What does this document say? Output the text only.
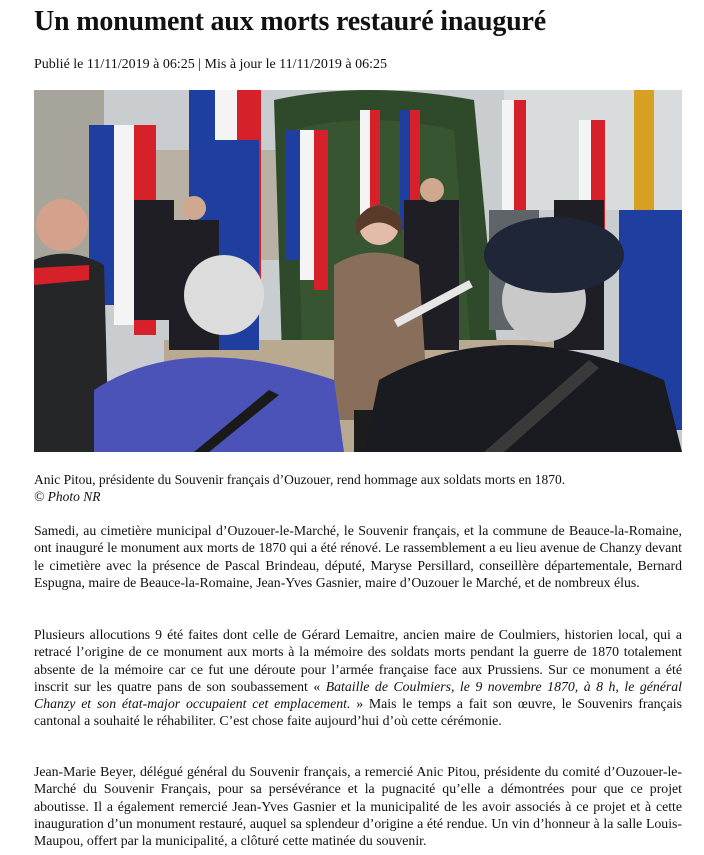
Un monument aux morts restauré inauguré
Publié le 11/11/2019 à 06:25 | Mis à jour le 11/11/2019 à 06:25
Anic Pitou, présidente du Souvenir français d’Ouzouer, rend hommage aux soldats morts en 1870.
© Photo NR

Samedi, au cimetière municipal d’Ouzouer-le-Marché, le Souvenir français, et la commune de Beauce-la-Romaine, ont inauguré le monument aux morts de 1870 qui a été rénové. Le rassemblement a eu lieu avenue de Chanzy devant le cimetière avec la présence de Pascal Brindeau, député, Maryse Persillard, conseillère départementale, Bernard Espugna, maire de Beauce-la-Romaine, Jean-Yves Gasnier, maire d’Ouzouer le Marché, et de nombreux élus.

Plusieurs allocutions 9 été faites dont celle de Gérard Lemaitre, ancien maire de Coulmiers, historien local, qui a retracé l’origine de ce monument aux morts à la mémoire des soldats morts pendant la guerre de 1870 totalement absente de la mémoire car ce fut une déroute pour l’armée française face aux Prussiens. Sur ce monument a été inscrit sur les quatre pans de son soubassement « Bataille de Coulmiers, le 9 novembre 1870, à 8 h, le général Chanzy et son état-major occupaient cet emplacement. » Mais le temps a fait son œuvre, le Souvenirs français cantonal a souhaité le réhabiliter. C’est chose faite aujourd’hui d’où cette cérémonie.

Jean-Marie Beyer, délégué général du Souvenir français, a remercié Anic Pitou, présidente du comité d’Ouzouer-le-Marché du Souvenir Français, pour sa persévérance et la pugnacité qu’elle a démontrées pour que ce projet aboutisse. Il a également remercié Jean-Yves Gasnier et la municipalité de les avoir associés à ce projet et à cette inauguration d’un monument restauré, auquel sa splendeur d’origine a été rendue. Un vin d’honneur à la salle Louis-Maupou, offert par la municipalité, a clôturé cette matinée du souvenir.
